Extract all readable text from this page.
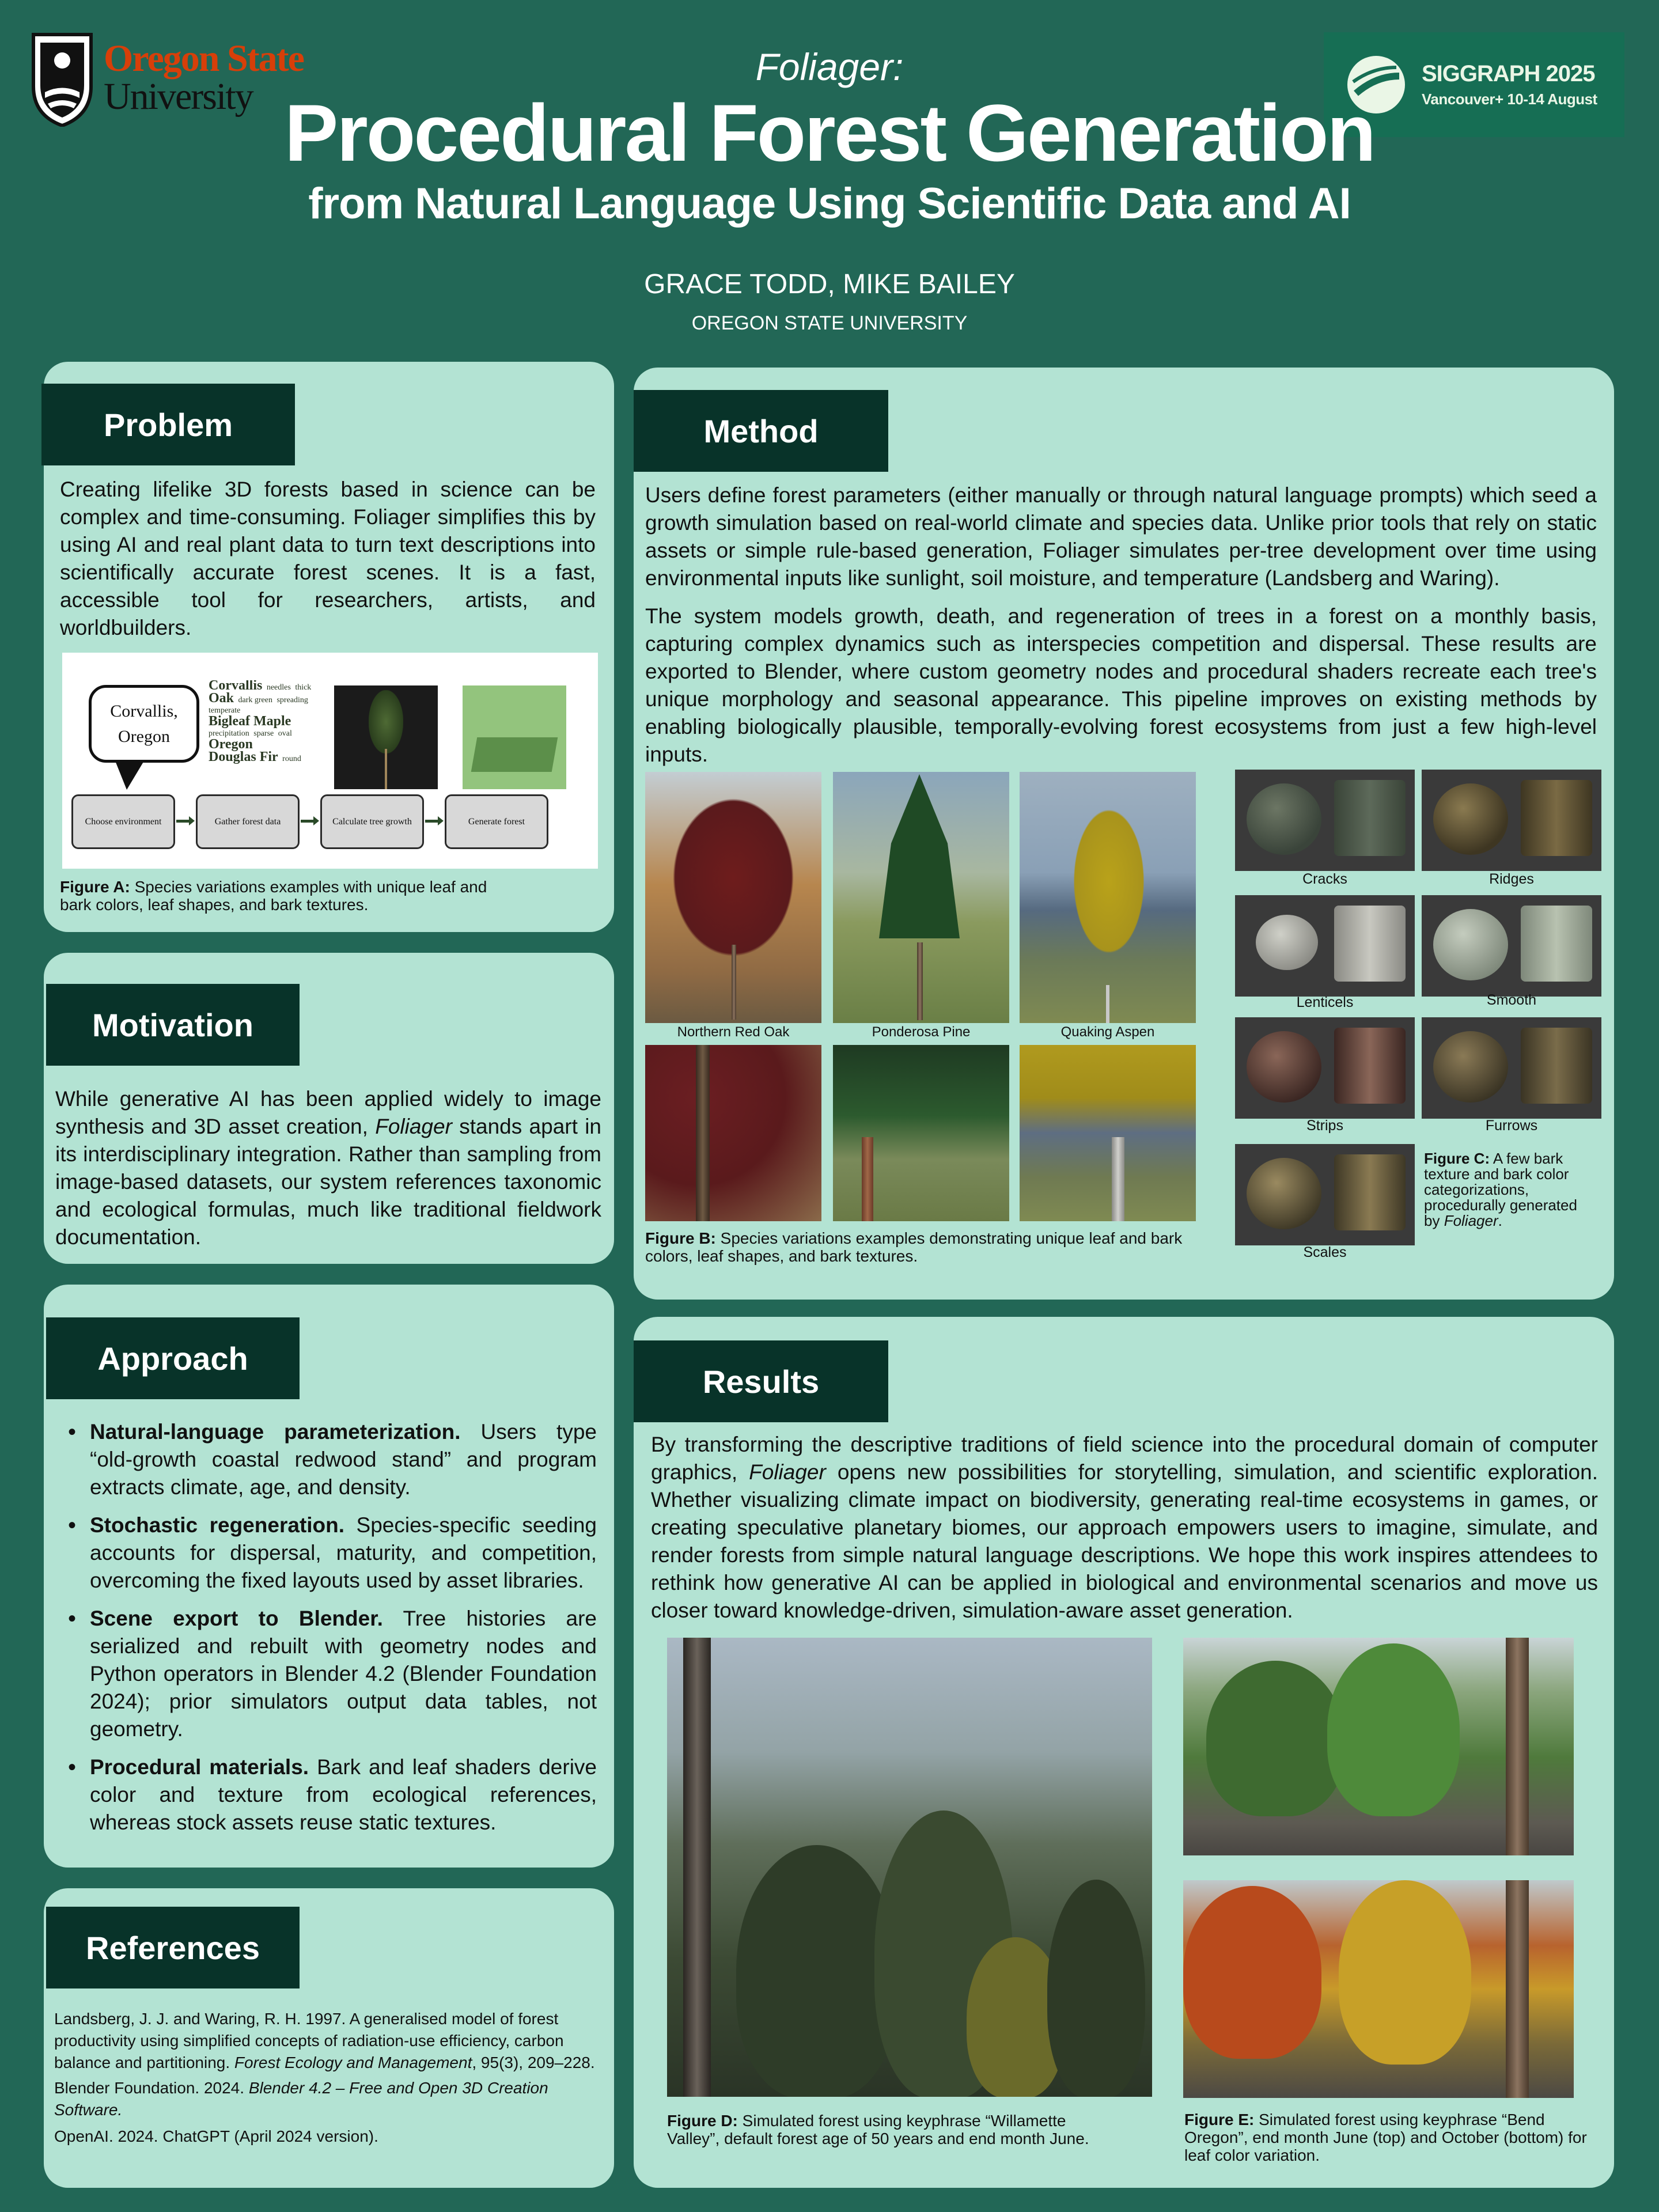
Oregon State
University
SIGGRAPH 2025
Vancouver+ 10-14 August
Foliager:
Procedural Forest Generation
from Natural Language Using Scientific Data and AI
GRACE TODD, MIKE BAILEY
OREGON STATE UNIVERSITY
Problem
Creating lifelike 3D forests based in science can be complex and time-consuming. Foliager simplifies this by using AI and real plant data to turn text descriptions into scientifically accurate forest scenes. It is a fast, accessible tool for researchers, artists, and worldbuilders.
Corvallis,
Oregon
Corvallis needles thick Oak dark green spreading temperate Bigleaf Maple precipitation sparse oval Oregon Douglas Fir round
Choose environment	Gather forest data	Calculate tree growth	Generate forest
Figure A: Species variations examples with unique leaf and bark colors, leaf shapes, and bark textures.
Motivation
While generative AI has been applied widely to image synthesis and 3D asset creation, Foliager stands apart in its interdisciplinary integration. Rather than sampling from image-based datasets, our system references taxonomic and ecological formulas, much like traditional fieldwork documentation.
Approach
• Natural-language parameterization. Users type “old-growth coastal redwood stand” and program extracts climate, age, and density.
• Stochastic regeneration. Species-specific seeding accounts for dispersal, maturity, and competition, overcoming the fixed layouts used by asset libraries.
• Scene export to Blender. Tree histories are serialized and rebuilt with geometry nodes and Python operators in Blender 4.2 (Blender Foundation 2024); prior simulators output data tables, not geometry.
• Procedural materials. Bark and leaf shaders derive color and texture from ecological references, whereas stock assets reuse static textures.
References
Landsberg, J. J. and Waring, R. H. 1997. A generalised model of forest productivity using simplified concepts of radiation-use efficiency, carbon balance and partitioning. Forest Ecology and Management, 95(3), 209–228.
Blender Foundation. 2024. Blender 4.2 – Free and Open 3D Creation Software.
OpenAI. 2024. ChatGPT (April 2024 version).
Method
Users define forest parameters (either manually or through natural language prompts) which seed a growth simulation based on real-world climate and species data. Unlike prior tools that rely on static assets or simple rule-based generation, Foliager simulates per-tree development over time using environmental inputs like sunlight, soil moisture, and temperature (Landsberg and Waring).
The system models growth, death, and regeneration of trees in a forest on a monthly basis, capturing complex dynamics such as interspecies competition and dispersal. These results are exported to Blender, where custom geometry nodes and procedural shaders recreate each tree's unique morphology and seasonal appearance. This pipeline improves on existing methods by enabling biologically plausible, temporally-evolving forest ecosystems from just a few high-level inputs.
Northern Red Oak	Ponderosa Pine	Quaking Aspen
Figure B: Species variations examples demonstrating unique leaf and bark colors, leaf shapes, and bark textures.
Cracks	Ridges
Lenticels	Smooth
Strips	Furrows
Scales
Figure C: A few bark texture and bark color categorizations, procedurally generated by Foliager.
Results
By transforming the descriptive traditions of field science into the procedural domain of computer graphics, Foliager opens new possibilities for storytelling, simulation, and scientific exploration. Whether visualizing climate impact on biodiversity, generating real-time ecosystems in games, or creating speculative planetary biomes, our approach empowers users to imagine, simulate, and render forests from simple natural language descriptions. We hope this work inspires attendees to rethink how generative AI can be applied in biological and environmental scenarios and move us closer toward knowledge-driven, simulation-aware asset generation.
Figure D: Simulated forest using keyphrase “Willamette Valley”, default forest age of 50 years and end month June.
Figure E: Simulated forest using keyphrase “Bend Oregon”, end month June (top) and October (bottom) for leaf color variation.
